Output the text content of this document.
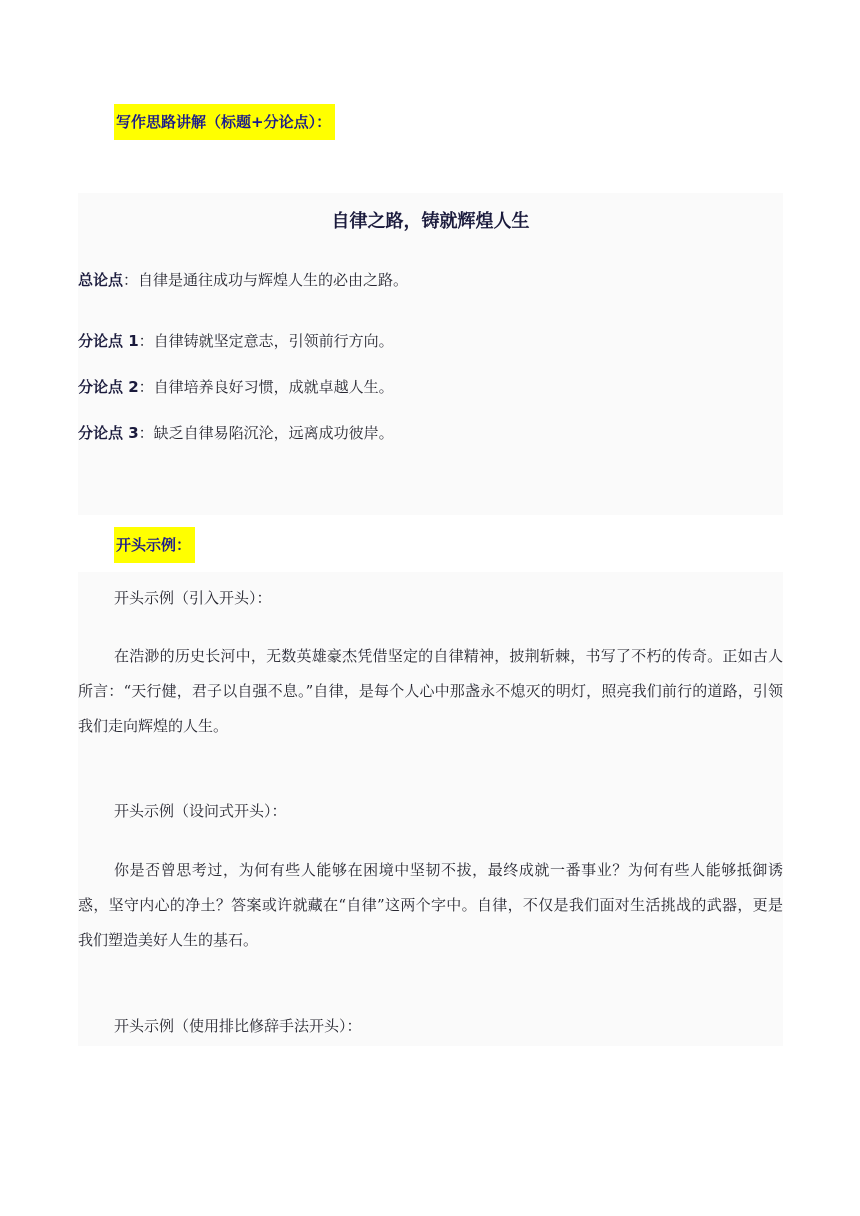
写作思路讲解（标题+分论点）：
自律之路，铸就辉煌人生
总论点：自律是通往成功与辉煌人生的必由之路。
分论点 1：自律铸就坚定意志，引领前行方向。
分论点 2：自律培养良好习惯，成就卓越人生。
分论点 3：缺乏自律易陷沉沦，远离成功彼岸。
开头示例：
开头示例（引入开头）：
在浩渺的历史长河中，无数英雄豪杰凭借坚定的自律精神，披荆斩棘，书写了不朽的传奇。正如古人所言：“天行健，君子以自强不息。”自律，是每个人心中那盏永不熄灭的明灯，照亮我们前行的道路，引领我们走向辉煌的人生。
开头示例（设问式开头）：
你是否曾思考过，为何有些人能够在困境中坚韧不拔，最终成就一番事业？为何有些人能够抵御诱惑，坚守内心的净土？答案或许就藏在“自律”这两个字中。自律，不仅是我们面对生活挑战的武器，更是我们塑造美好人生的基石。
开头示例（使用排比修辞手法开头）：
